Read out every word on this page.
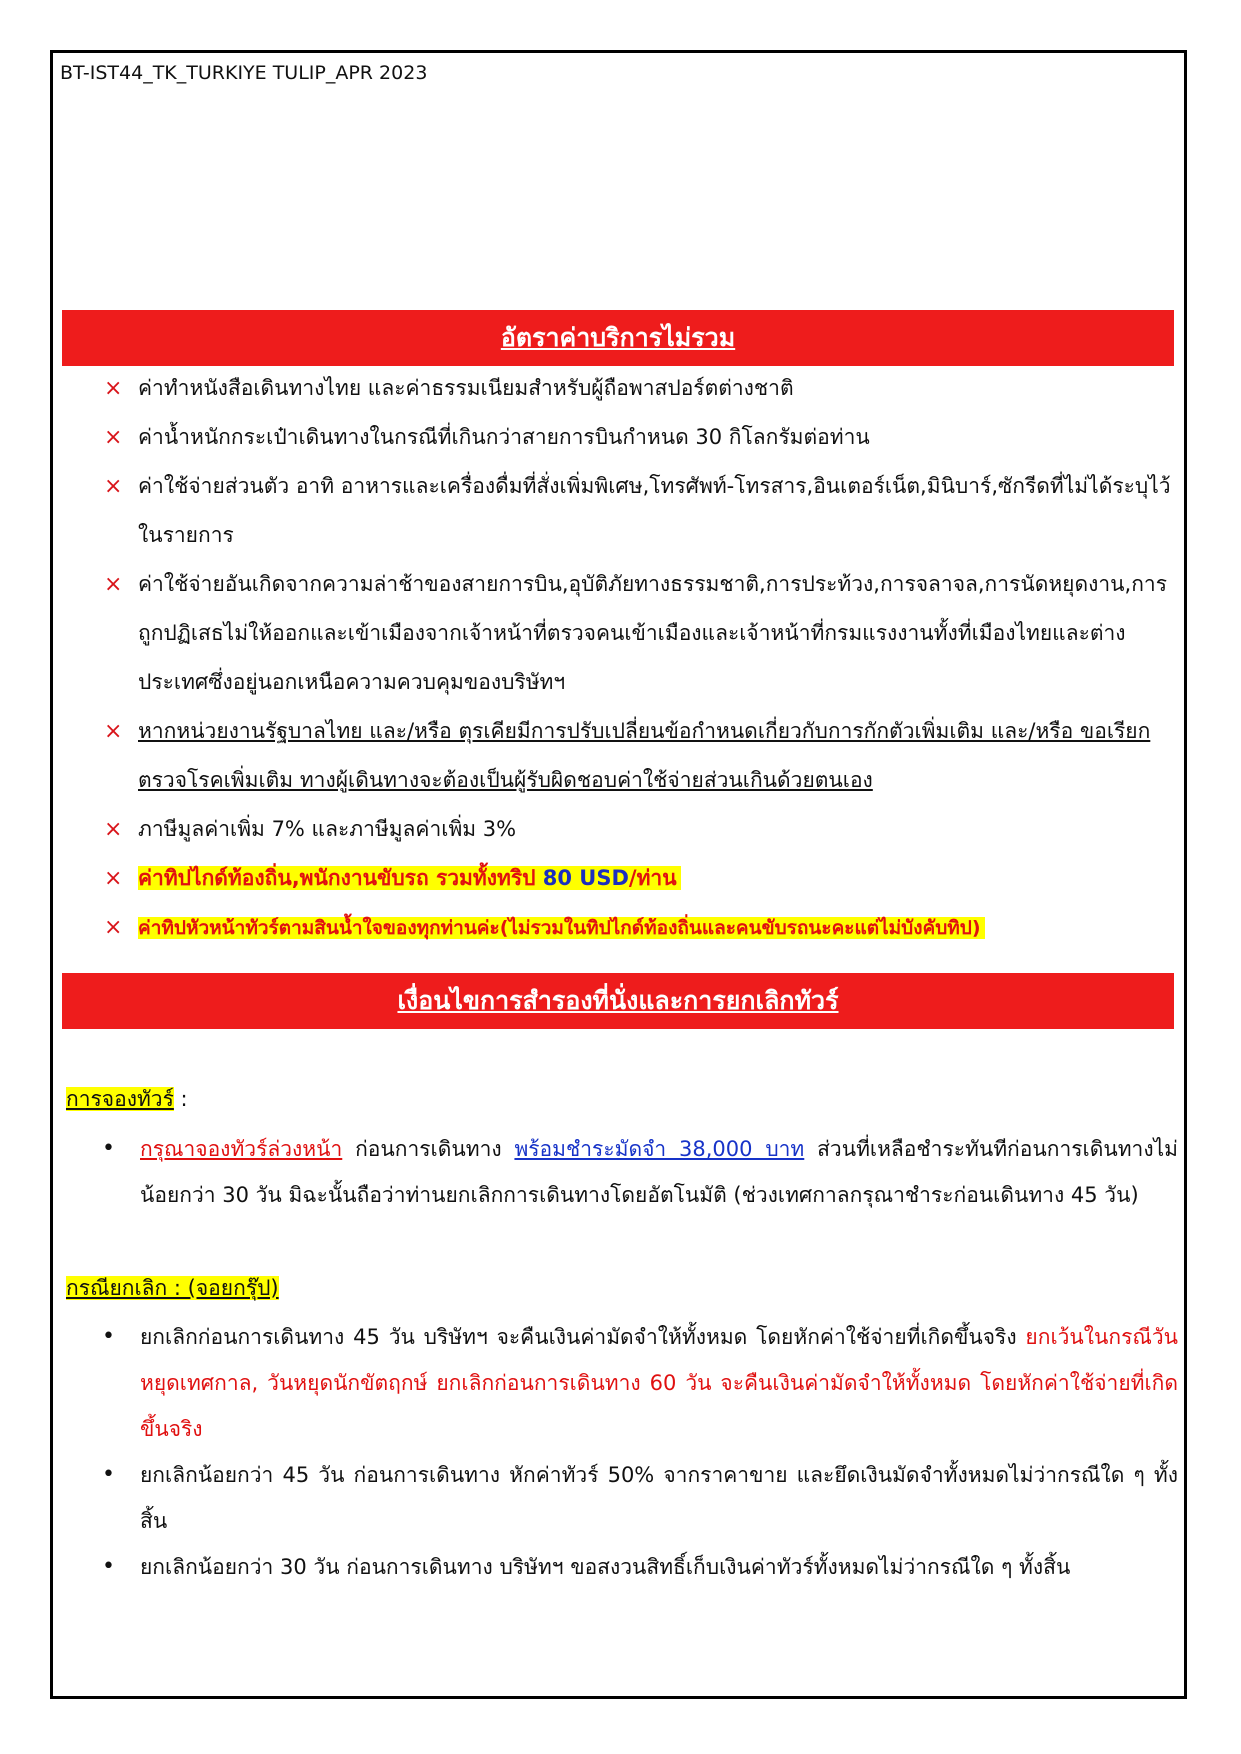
BT-IST44_TK_TURKIYE TULIP_APR 2023
อัตราค่าบริการไม่รวม
× ค่าทำหนังสือเดินทางไทย และค่าธรรมเนียมสำหรับผู้ถือพาสปอร์ตต่างชาติ
× ค่าน้ำหนักกระเป๋าเดินทางในกรณีที่เกินกว่าสายการบินกำหนด 30 กิโลกรัมต่อท่าน
× ค่าใช้จ่ายส่วนตัว อาทิ อาหารและเครื่องดื่มที่สั่งเพิ่มพิเศษ,โทรศัพท์-โทรสาร,อินเตอร์เน็ต,มินิบาร์,ซักรีดที่ไม่ได้ระบุไว้ในรายการ
× ค่าใช้จ่ายอันเกิดจากความล่าช้าของสายการบิน,อุบัติภัยทางธรรมชาติ,การประท้วง,การจลาจล,การนัดหยุดงาน,การถูกปฏิเสธไม่ให้ออกและเข้าเมืองจากเจ้าหน้าที่ตรวจคนเข้าเมืองและเจ้าหน้าที่กรมแรงงานทั้งที่เมืองไทยและต่างประเทศซึ่งอยู่นอกเหนือความควบคุมของบริษัทฯ
× หากหน่วยงานรัฐบาลไทย และ/หรือ ตุรเคียมีการปรับเปลี่ยนข้อกำหนดเกี่ยวกับการกักตัวเพิ่มเติม และ/หรือ ขอเรียกตรวจโรคเพิ่มเติม ทางผู้เดินทางจะต้องเป็นผู้รับผิดชอบค่าใช้จ่ายส่วนเกินด้วยตนเอง
× ภาษีมูลค่าเพิ่ม 7% และภาษีมูลค่าเพิ่ม 3%
× ค่าทิปไกด์ท้องถิ่น,พนักงานขับรถ รวมทั้งทริป 80 USD/ท่าน
× ค่าทิปหัวหน้าทัวร์ตามสินน้ำใจของทุกท่านค่ะ(ไม่รวมในทิปไกด์ท้องถิ่นและคนขับรถนะคะแต่ไม่บังคับทิป)
เงื่อนไขการสำรองที่นั่งและการยกเลิกทัวร์
การจองทัวร์ :
• กรุณาจองทัวร์ล่วงหน้า ก่อนการเดินทาง พร้อมชำระมัดจำ 38,000 บาท ส่วนที่เหลือชำระทันทีก่อนการเดินทางไม่น้อยกว่า 30 วัน มิฉะนั้นถือว่าท่านยกเลิกการเดินทางโดยอัตโนมัติ (ช่วงเทศกาลกรุณาชำระก่อนเดินทาง 45 วัน)
กรณียกเลิก : (จอยกรุ๊ป)
• ยกเลิกก่อนการเดินทาง 45 วัน บริษัทฯ จะคืนเงินค่ามัดจำให้ทั้งหมด โดยหักค่าใช้จ่ายที่เกิดขึ้นจริง ยกเว้นในกรณีวันหยุดเทศกาล, วันหยุดนักขัตฤกษ์ ยกเลิกก่อนการเดินทาง 60 วัน จะคืนเงินค่ามัดจำให้ทั้งหมด โดยหักค่าใช้จ่ายที่เกิดขึ้นจริง
• ยกเลิกน้อยกว่า 45 วัน ก่อนการเดินทาง หักค่าทัวร์ 50% จากราคาขาย และยึดเงินมัดจำทั้งหมดไม่ว่ากรณีใด ๆ ทั้งสิ้น
• ยกเลิกน้อยกว่า 30 วัน ก่อนการเดินทาง บริษัทฯ ขอสงวนสิทธิ์เก็บเงินค่าทัวร์ทั้งหมดไม่ว่ากรณีใด ๆ ทั้งสิ้น
